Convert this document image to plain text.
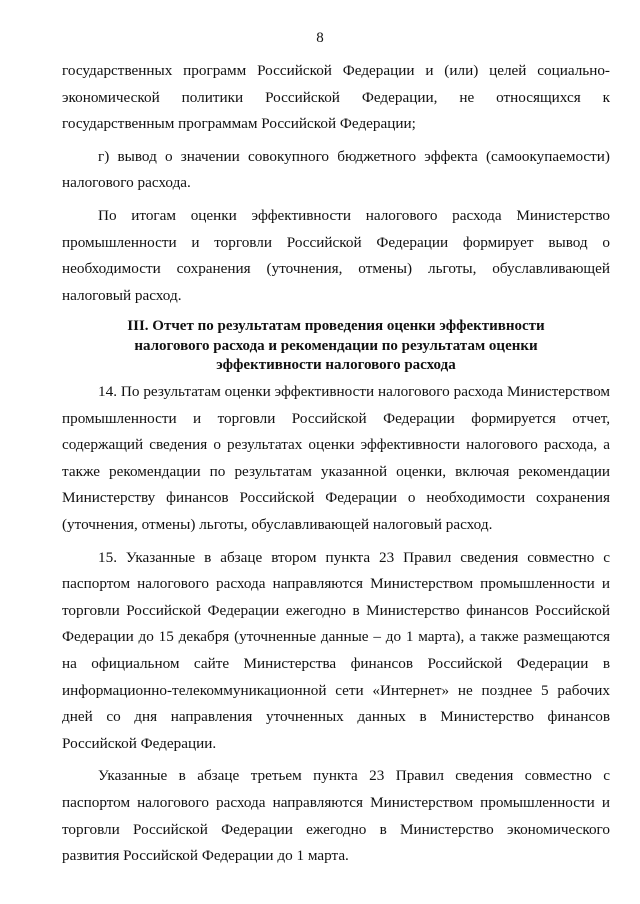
8

государственных программ Российской Федерации и (или) целей социально-экономической политики Российской Федерации, не относящихся к государственным программам Российской Федерации;

г) вывод о значении совокупного бюджетного эффекта (самоокупаемости) налогового расхода.

По итогам оценки эффективности налогового расхода Министерство промышленности и торговли Российской Федерации формирует вывод о необходимости сохранения (уточнения, отмены) льготы, обуславливающей налоговый расход.

III. Отчет по результатам проведения оценки эффективности
налогового расхода и рекомендации по результатам оценки
эффективности налогового расхода

14. По результатам оценки эффективности налогового расхода Министерством промышленности и торговли Российской Федерации формируется отчет, содержащий сведения о результатах оценки эффективности налогового расхода, а также рекомендации по результатам указанной оценки, включая рекомендации Министерству финансов Российской Федерации о необходимости сохранения (уточнения, отмены) льготы, обуславливающей налоговый расход.

15. Указанные в абзаце втором пункта 23 Правил сведения совместно с паспортом налогового расхода направляются Министерством промышленности и торговли Российской Федерации ежегодно в Министерство финансов Российской Федерации до 15 декабря (уточненные данные – до 1 марта), а также размещаются на официальном сайте Министерства финансов Российской Федерации в информационно-телекоммуникационной сети «Интернет» не позднее 5 рабочих дней со дня направления уточненных данных в Министерство финансов Российской Федерации.

Указанные в абзаце третьем пункта 23 Правил сведения совместно с паспортом налогового расхода направляются Министерством промышленности и торговли Российской Федерации ежегодно в Министерство экономического развития Российской Федерации до 1 марта.
